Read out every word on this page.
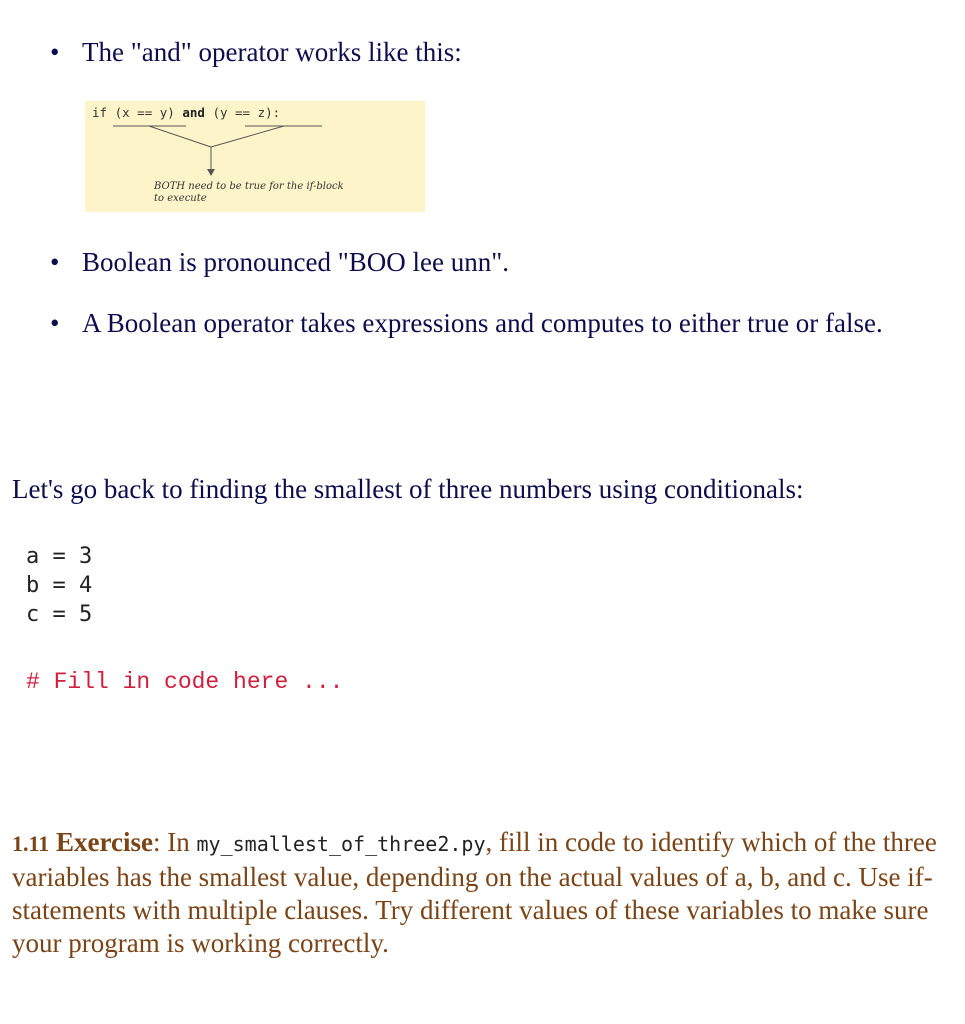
• The "and" operator works like this:
if (x == y) and (y == z):
BOTH need to be true for the if-block to execute
• Boolean is pronounced "BOO lee unn".
• A Boolean operator takes expressions and computes to either true or false.
Let's go back to finding the smallest of three numbers using conditionals:
a = 3
b = 4
c = 5
# Fill in code here ...
1.11 Exercise: In my_smallest_of_three2.py, fill in code to identify which of the three variables has the smallest value, depending on the actual values of a, b, and c. Use if-statements with multiple clauses. Try different values of these variables to make sure your program is working correctly.
